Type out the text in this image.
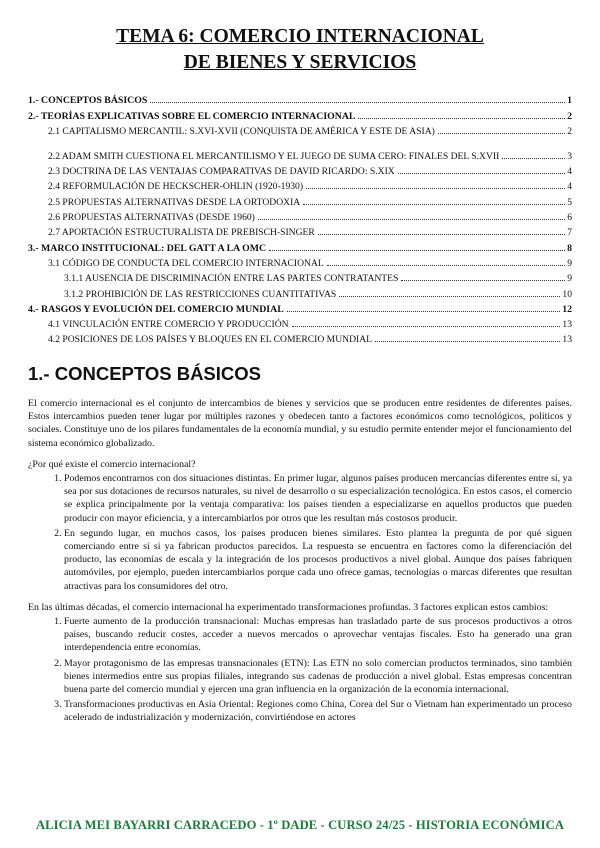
TEMA 6: COMERCIO INTERNACIONAL
DE BIENES Y SERVICIOS
1.- CONCEPTOS BÁSICOS	1
2.- TEORÍAS EXPLICATIVAS SOBRE EL COMERCIO INTERNACIONAL	2
2.1 CAPITALISMO MERCANTIL: S.XVI-XVII (CONQUISTA DE AMÉRICA Y ESTE DE ASIA)	2
2.2 ADAM SMITH CUESTIONA EL MERCANTILISMO Y EL JUEGO DE SUMA CERO: FINALES DEL S.XVII	3
2.3 DOCTRINA DE LAS VENTAJAS COMPARATIVAS DE DAVID RICARDO: S.XIX	4
2.4 REFORMULACIÓN DE HECKSCHER-OHLIN (1920-1930)	4
2.5 PROPUESTAS ALTERNATIVAS DESDE LA ORTODOXIA	5
2.6 PROPUESTAS ALTERNATIVAS (DESDE 1960)	6
2.7 APORTACIÓN ESTRUCTURALISTA DE PREBISCH-SINGER	7
3.- MARCO INSTITUCIONAL: DEL GATT A LA OMC	8
3.1 CÓDIGO DE CONDUCTA DEL COMERCIO INTERNACIONAL	9
3.1.1 AUSENCIA DE DISCRIMINACIÓN ENTRE LAS PARTES CONTRATANTES	9
3.1.2 PROHIBICIÓN DE LAS RESTRICCIONES CUANTITATIVAS	10
4.- RASGOS Y EVOLUCIÓN DEL COMERCIO MUNDIAL	12
4.1 VINCULACIÓN ENTRE COMERCIO Y PRODUCCIÓN	13
4.2 POSICIONES DE LOS PAÍSES Y BLOQUES EN EL COMERCIO MUNDIAL	13
1.- CONCEPTOS BÁSICOS

El comercio internacional es el conjunto de intercambios de bienes y servicios que se producen entre residentes de diferentes países. Estos intercambios pueden tener lugar por múltiples razones y obedecen tanto a factores económicos como tecnológicos, políticos y sociales. Constituye uno de los pilares fundamentales de la economía mundial, y su estudio permite entender mejor el funcionamiento del sistema económico globalizado.

¿Por qué existe el comercio internacional?

1. Podemos encontrarnos con dos situaciones distintas. En primer lugar, algunos países producen mercancías diferentes entre sí, ya sea por sus dotaciones de recursos naturales, su nivel de desarrollo o su especialización tecnológica. En estos casos, el comercio se explica principalmente por la ventaja comparativa: los países tienden a especializarse en aquellos productos que pueden producir con mayor eficiencia, y a intercambiarlos por otros que les resultan más costosos producir.
2. En segundo lugar, en muchos casos, los países producen bienes similares. Esto plantea la pregunta de por qué siguen comerciando entre sí si ya fabrican productos parecidos. La respuesta se encuentra en factores como la diferenciación del producto, las economías de escala y la integración de los procesos productivos a nivel global. Aunque dos países fabriquen automóviles, por ejemplo, pueden intercambiarlos porque cada uno ofrece gamas, tecnologías o marcas diferentes que resultan atractivas para los consumidores del otro.

En las últimas décadas, el comercio internacional ha experimentado transformaciones profundas. 3 factores explican estos cambios:

1. Fuerte aumento de la producción transnacional: Muchas empresas han trasladado parte de sus procesos productivos a otros países, buscando reducir costes, acceder a nuevos mercados o aprovechar ventajas fiscales. Esto ha generado una gran interdependencia entre economías.
2. Mayor protagonismo de las empresas transnacionales (ETN): Las ETN no solo comercian productos terminados, sino también bienes intermedios entre sus propias filiales, integrando sus cadenas de producción a nivel global. Estas empresas concentran buena parte del comercio mundial y ejercen una gran influencia en la organización de la economía internacional.
3. Transformaciones productivas en Asia Oriental: Regiones como China, Corea del Sur o Vietnam han experimentado un proceso acelerado de industrialización y modernización, convirtiéndose en actores
ALICIA MEI BAYARRI CARRACEDO - 1º DADE - CURSO 24/25 - HISTORIA ECONÓMICA
